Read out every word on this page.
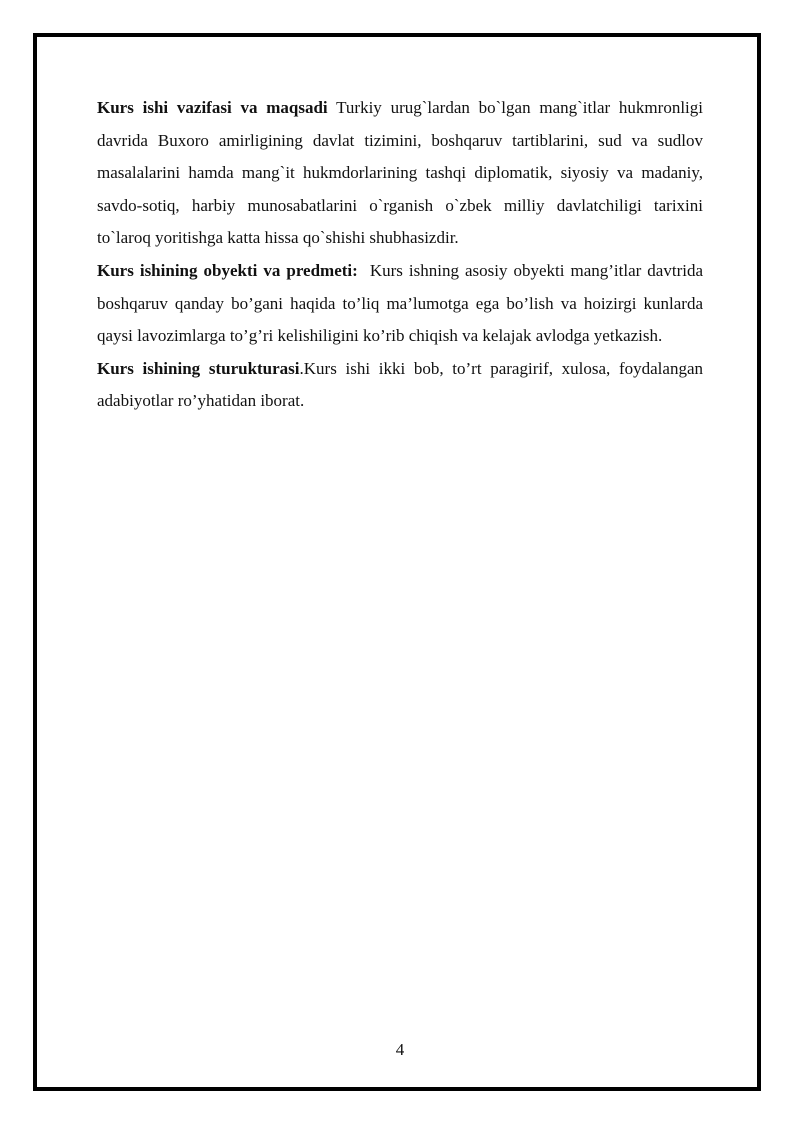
Kurs ishi vazifasi va maqsadi Turkiy urug`lardan bo`lgan mang`itlar hukmronligi davrida Buxoro amirligining davlat tizimini, boshqaruv tartiblarini, sud va sudlov masalalarini hamda mang`it hukmdorlarining tashqi diplomatik, siyosiy va madaniy, savdo-sotiq, harbiy munosabatlarini o`rganish o`zbek milliy davlatchiligi tarixini to`laroq yoritishga katta hissa qo`shishi shubhasizdir.

Kurs ishining obyekti va predmeti: Kurs ishning asosiy obyekti mang’itlar davtrida boshqaruv qanday bo’gani haqida to’liq ma’lumotga ega bo’lish va hoizirgi kunlarda qaysi lavozimlarga to’g’ri kelishiligini ko’rib chiqish va kelajak avlodga yetkazish.

Kurs ishining sturukturasi.Kurs ishi ikki bob, to’rt paragirif, xulosa, foydalangan adabiyotlar ro’yhatidan iborat.

4
